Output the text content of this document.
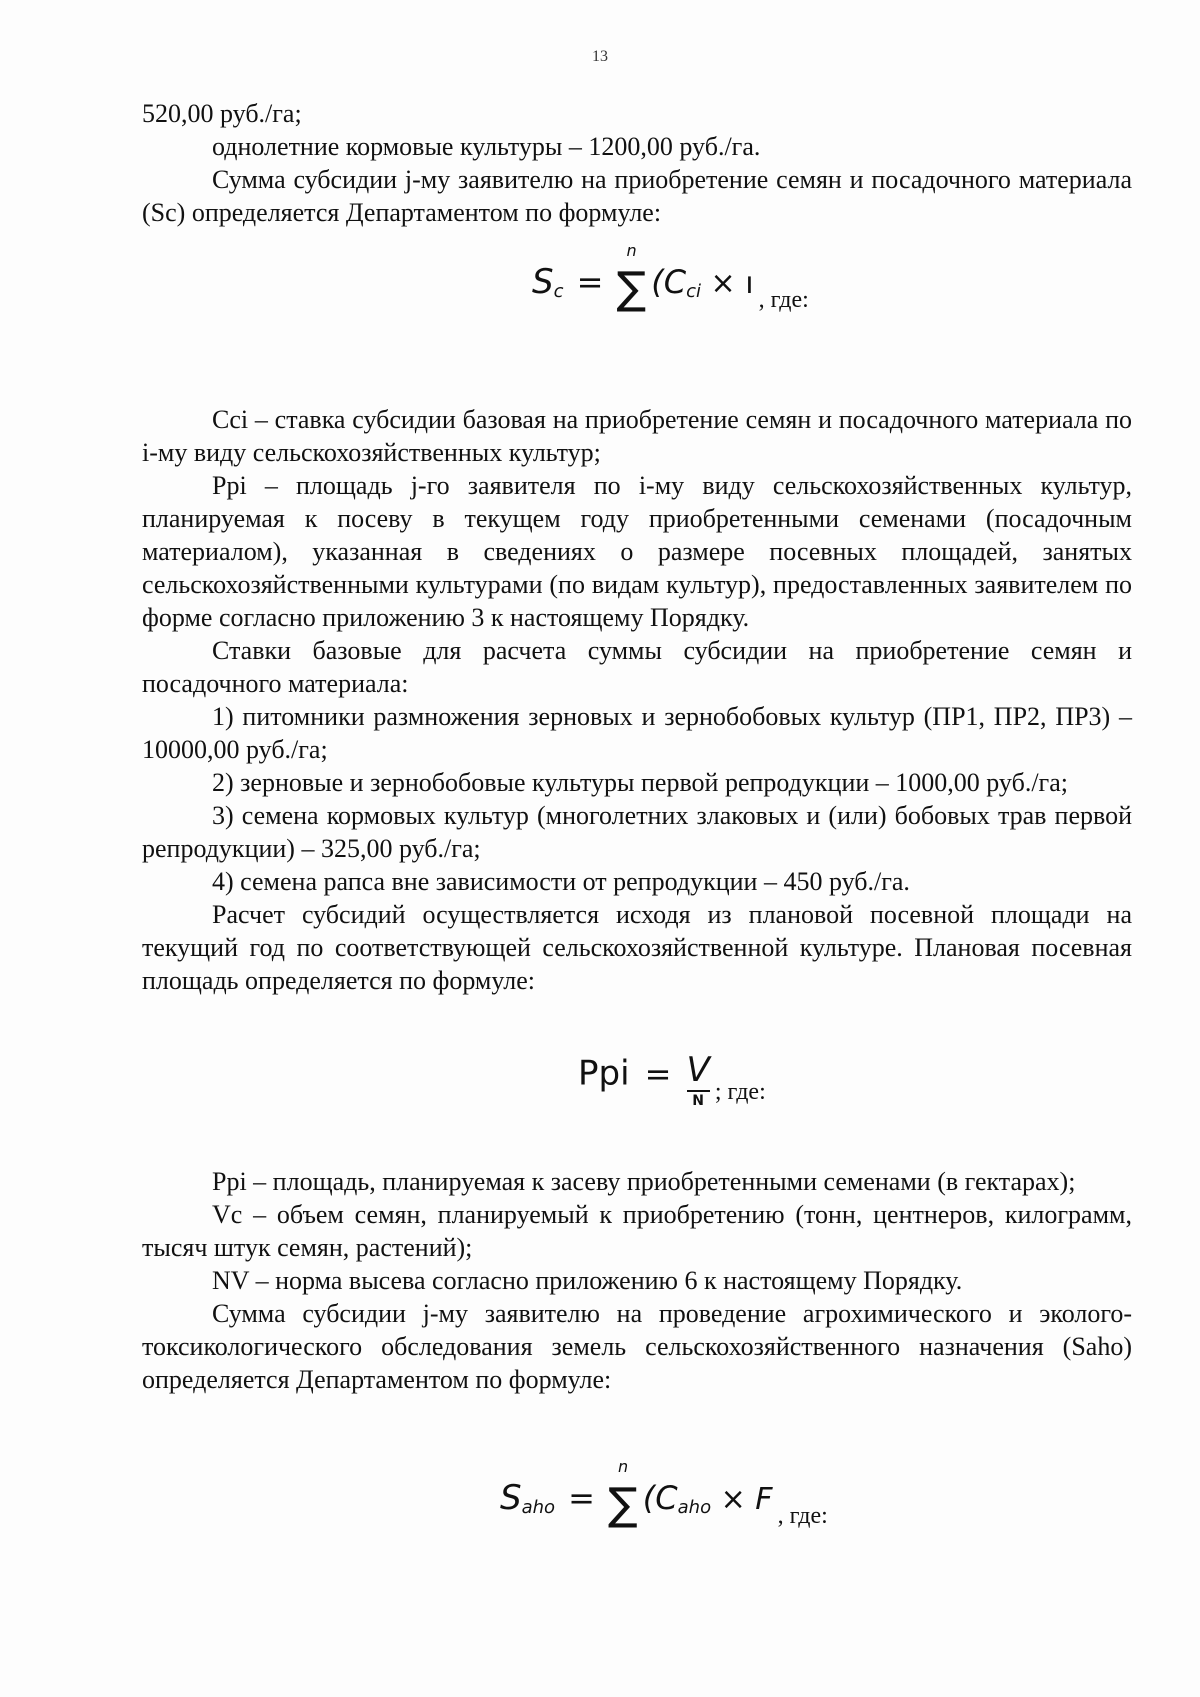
13

520,00 руб./га;

однолетние кормовые культуры – 1200,00 руб./га.

Сумма субсидии j-му заявителю на приобретение семян и посадочного материала (Sc) определяется Департаментом по формуле:

$S_c$ =
n
∑ ($C_{ci}$ × ı , где:

Cci – ставка субсидии базовая на приобретение семян и посадочного материала по i-му виду сельскохозяйственных культур;

Ppi – площадь j-го заявителя по i-му виду сельскохозяйственных культур, планируемая к посеву в текущем году приобретенными семенами (посадочным материалом), указанная в сведениях о размере посевных площадей, занятых сельскохозяйственными культурами (по видам культур), предоставленных заявителем по форме согласно приложению 3 к настоящему Порядку.

Ставки базовые для расчета суммы субсидии на приобретение семян и посадочного материала:

1) питомники размножения зерновых и зернобобовых культур (ПР1, ПР2, ПР3) – 10000,00 руб./га;

2) зерновые и зернобобовые культуры первой репродукции – 1000,00 руб./га;

3) семена кормовых культур (многолетних злаковых и (или) бобовых трав первой репродукции) – 325,00 руб./га;

4) семена рапса вне зависимости от репродукции – 450 руб./га.

Расчет субсидий осуществляется исходя из плановой посевной площади на текущий год по соответствующей сельскохозяйственной культуре. Плановая посевная площадь определяется по формуле:

Ppi = $\frac{V}{N}$ ; где:

Ppi – площадь, планируемая к засеву приобретенными семенами (в гектарах);

Vc – объем семян, планируемый к приобретению (тонн, центнеров, килограмм, тысяч штук семян, растений);

NV – норма высева согласно приложению 6 к настоящему Порядку.

Сумма субсидии j-му заявителю на проведение агрохимического и эколого-токсикологического обследования земель сельскохозяйственного назначения (Saho) определяется Департаментом по формуле:

$S_{aho}$ =
n
∑ ($C_{aho} \times F$ , где:
